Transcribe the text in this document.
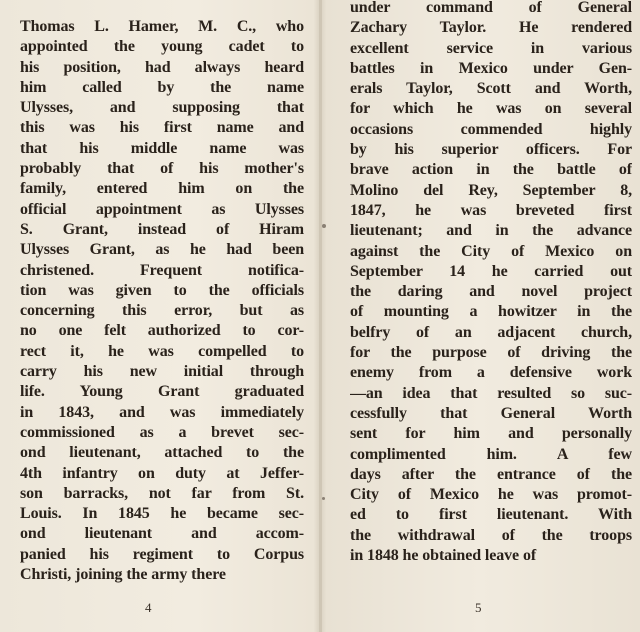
Thomas L. Hamer, M. C., who
appointed the young cadet to
his position, had always heard
him called by the name
Ulysses, and supposing that
this was his first name and
that his middle name was
probably that of his mother's
family, entered him on the
official appointment as Ulysses
S. Grant, instead of Hiram
Ulysses Grant, as he had been
christened. Frequent notifica-
tion was given to the officials
concerning this error, but as
no one felt authorized to cor-
rect it, he was compelled to
carry his new initial through
life. Young Grant graduated
in 1843, and was immediately
commissioned as a brevet sec-
ond lieutenant, attached to the
4th infantry on duty at Jeffer-
son barracks, not far from St.
Louis. In 1845 he became sec-
ond lieutenant and accom-
panied his regiment to Corpus
Christi, joining the army there
4
under command of General
Zachary Taylor. He rendered
excellent service in various
battles in Mexico under Gen-
erals Taylor, Scott and Worth,
for which he was on several
occasions commended highly
by his superior officers. For
brave action in the battle of
Molino del Rey, September 8,
1847, he was breveted first
lieutenant; and in the advance
against the City of Mexico on
September 14 he carried out
the daring and novel project
of mounting a howitzer in the
belfry of an adjacent church,
for the purpose of driving the
enemy from a defensive work
—an idea that resulted so suc-
cessfully that General Worth
sent for him and personally
complimented him. A few
days after the entrance of the
City of Mexico he was promot-
ed to first lieutenant. With
the withdrawal of the troops
in 1848 he obtained leave of
5
